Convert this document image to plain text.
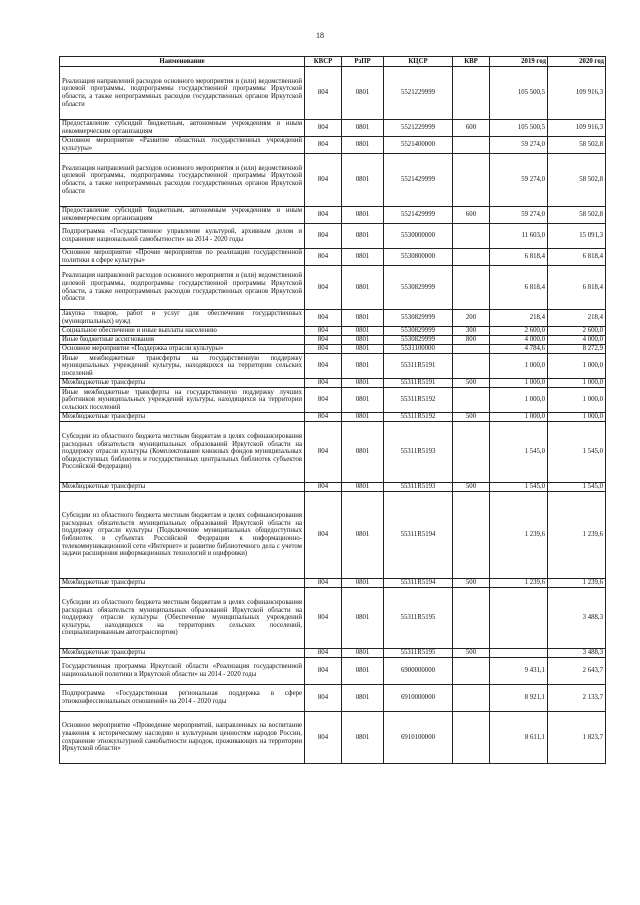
18
Наименование	КВСР	РзПР	КЦСР	КВР	2019 год	2020 год
Реализация направлений расходов основного мероприятия и (или) ведомственной целевой программы, подпрограммы государственной программы Иркутской области, а также непрограммных расходов государственных органов Иркутской области	804	0801	5521229999		105 500,5	109 916,3
Предоставление субсидий бюджетным, автономным учреждениям и иным некоммерческим организациям	804	0801	5521229999	600	105 500,5	109 916,3
Основное мероприятие «Развитие областных государственных учреждений культуры»	804	0801	5521400000		59 274,0	58 502,8
Реализация направлений расходов основного мероприятия и (или) ведомственной целевой программы, подпрограммы государственной программы Иркутской области, а также непрограммных расходов государственных органов Иркутской области	804	0801	5521429999		59 274,0	58 502,8
Предоставление субсидий бюджетным, автономным учреждениям и иным некоммерческим организациям	804	0801	5521429999	600	59 274,0	58 502,8
Подпрограмма «Государственное управление культурой, архивным делом и сохранение национальной самобытности» на 2014 - 2020 годы	804	0801	5530000000		11 603,0	15 091,3
Основное мероприятие «Прочие мероприятия по реализации государственной политики в сфере культуры»	804	0801	5530800000		6 818,4	6 818,4
Реализация направлений расходов основного мероприятия и (или) ведомственной целевой программы, подпрограммы государственной программы Иркутской области, а также непрограммных расходов государственных органов Иркутской области	804	0801	5530829999		6 818,4	6 818,4
Закупка товаров, работ и услуг для обеспечения государственных (муниципальных) нужд	804	0801	5530829999	200	218,4	218,4
Социальное обеспечение и иные выплаты населению	804	0801	5530829999	300	2 600,0	2 600,0
Иные бюджетные ассигнования	804	0801	5530829999	800	4 000,0	4 000,0
Основное мероприятие «Поддержка отрасли культуры»	804	0801	5531100000		4 784,6	8 272,9
Иные межбюджетные трансферты на государственную поддержку муниципальных учреждений культуры, находящихся на территории сельских поселений	804	0801	55311R5191		1 000,0	1 000,0
Межбюджетные трансферты	804	0801	55311R5191	500	1 000,0	1 000,0
Иные межбюджетные трансферты на государственную поддержку лучших работников муниципальных учреждений культуры, находящихся на территории сельских поселений	804	0801	55311R5192		1 000,0	1 000,0
Межбюджетные трансферты	804	0801	55311R5192	500	1 000,0	1 000,0
Субсидии из областного бюджета местным бюджетам в целях софинансирования расходных обязательств муниципальных образований Иркутской области на поддержку отрасли культуры (Комплектование книжных фондов муниципальных общедоступных библиотек и государственных центральных библиотек субъектов Российской Федерации)	804	0801	55311R5193		1 545,0	1 545,0
Межбюджетные трансферты	804	0801	55311R5193	500	1 545,0	1 545,0
Субсидии из областного бюджета местным бюджетам в целях софинансирования расходных обязательств муниципальных образований Иркутской области на поддержку отрасли культуры (Подключение муниципальных общедоступных библиотек в субъектах Российской Федерации к информационно-телекоммуникационной сети «Интернет» и развитие библиотечного дела с учетом задачи расширения информационных технологий и оцифровки)	804	0801	55311R5194		1 239,6	1 239,6
Межбюджетные трансферты	804	0801	55311R5194	500	1 239,6	1 239,6
Субсидии из областного бюджета местным бюджетам в целях софинансирования расходных обязательств муниципальных образований Иркутской области на поддержку отрасли культуры (Обеспечение муниципальных учреждений культуры, находящихся на территориях сельских поселений, специализированным автотранспортом)	804	0801	55311R5195			3 488,3
Межбюджетные трансферты	804	0801	55311R5195	500		3 488,3
Государственная программа Иркутской области «Реализация государственной национальной политики в Иркутской области» на 2014 - 2020 годы	804	0801	6900000000		9 431,1	2 643,7
Подпрограмма «Государственная региональная поддержка в сфере этноконфессиональных отношений» на 2014 - 2020 годы	804	0801	6910000000		8 921,1	2 133,7
Основное мероприятие «Проведение мероприятий, направленных на воспитание уважения к историческому наследию и культурным ценностям народов России, сохранение этнокультурной самобытности народов, проживающих на территории Иркутской области»	804	0801	6910100000		8 611,1	1 823,7
